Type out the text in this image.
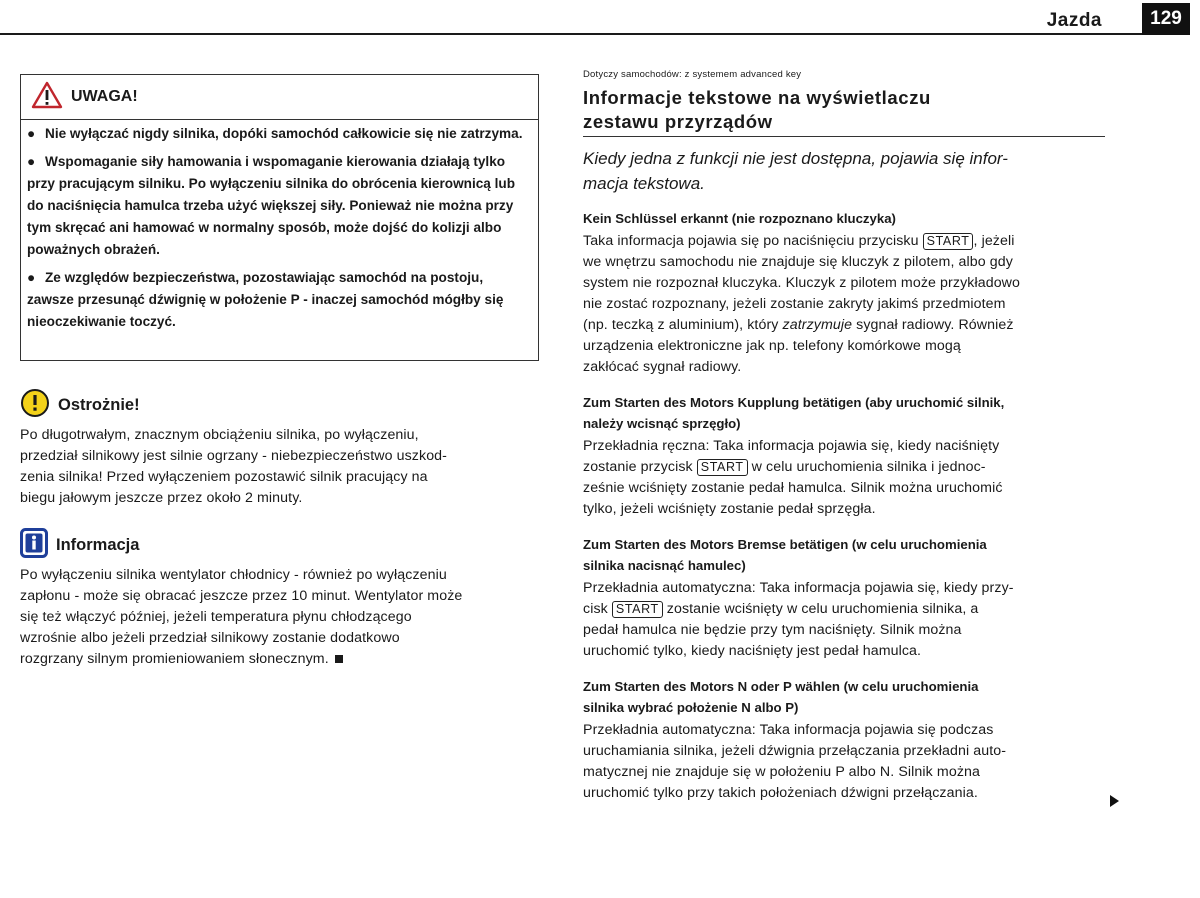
Jazda	129
UWAGA!

● Nie wyłączać nigdy silnika, dopóki samochód całkowicie się nie zatrzyma.

● Wspomaganie siły hamowania i wspomaganie kierowania działają tylko przy pracującym silniku. Po wyłączeniu silnika do obrócenia kierownicą lub do naciśnięcia hamulca trzeba użyć większej siły. Ponieważ nie można przy tym skręcać ani hamować w normalny sposób, może dojść do kolizji albo poważnych obrażeń.

● Ze względów bezpieczeństwa, pozostawiając samochód na postoju, zawsze przesunąć dźwignię w położenie P - inaczej samochód mógłby się nieoczekiwanie toczyć.

Ostrożnie!

Po długotrwałym, znacznym obciążeniu silnika, po wyłączeniu,

przedział silnikowy jest silnie ogrzany - niebezpieczeństwo uszkod-

zenia silnika! Przed wyłączeniem pozostawić silnik pracujący na

biegu jałowym jeszcze przez około 2 minuty.

Informacja

Po wyłączeniu silnika wentylator chłodnicy - również po wyłączeniu

zapłonu - może się obracać jeszcze przez 10 minut. Wentylator może

się też włączyć później, jeżeli temperatura płynu chłodzącego

wzrośnie albo jeżeli przedział silnikowy zostanie dodatkowo

rozgrzany silnym promieniowaniem słonecznym.

Dotyczy samochodów: z systemem advanced key
Informacje tekstowe na wyświetlaczu
zestawu przyrządów
Kiedy jedna z funkcji nie jest dostępna, pojawia się infor-
macja tekstowa.
Kein Schlüssel erkannt (nie rozpoznano kluczyka)

Taka informacja pojawia się po naciśnięciu przycisku START , jeżeli

we wnętrzu samochodu nie znajduje się kluczyk z pilotem, albo gdy

system nie rozpoznał kluczyka. Kluczyk z pilotem może przykładowo

nie zostać rozpoznany, jeżeli zostanie zakryty jakimś przedmiotem

(np. teczką z aluminium), który zatrzymuje sygnał radiowy. Również

urządzenia elektroniczne jak np. telefony komórkowe mogą

zakłócać sygnał radiowy.

Zum Starten des Motors Kupplung betätigen (aby uruchomić silnik,
należy wcisnąć sprzęgło)

Przekładnia ręczna: Taka informacja pojawia się, kiedy naciśnięty

zostanie przycisk START w celu uruchomienia silnika i jednoc-

ześnie wciśnięty zostanie pedał hamulca. Silnik można uruchomić

tylko, jeżeli wciśnięty zostanie pedał sprzęgła.

Zum Starten des Motors Bremse betätigen (w celu uruchomienia
silnika nacisnąć hamulec)

Przekładnia automatyczna: Taka informacja pojawia się, kiedy przy-

cisk START zostanie wciśnięty w celu uruchomienia silnika, a

pedał hamulca nie będzie przy tym naciśnięty. Silnik można

uruchomić tylko, kiedy naciśnięty jest pedał hamulca.

Zum Starten des Motors N oder P wählen (w celu uruchomienia
silnika wybrać położenie N albo P)

Przekładnia automatyczna: Taka informacja pojawia się podczas

uruchamiania silnika, jeżeli dźwignia przełączania przekładni auto-

matycznej nie znajduje się w położeniu P albo N. Silnik można

uruchomić tylko przy takich położeniach dźwigni przełączania.
